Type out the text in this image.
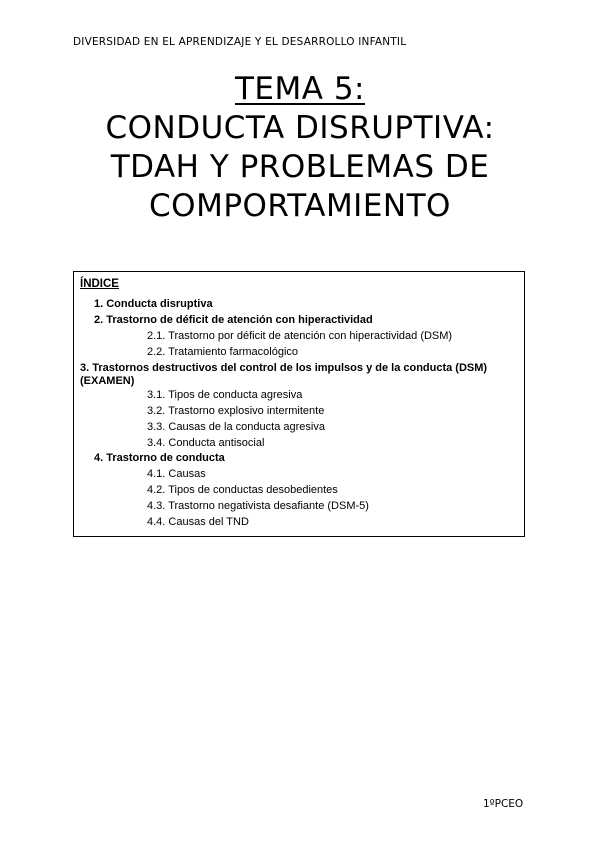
DIVERSIDAD EN EL APRENDIZAJE Y EL DESARROLLO INFANTIL
TEMA 5:
CONDUCTA DISRUPTIVA:
TDAH Y PROBLEMAS DE
COMPORTAMIENTO
ÍNDICE
1. Conducta disruptiva
2. Trastorno de déficit de atención con hiperactividad
2.1. Trastorno por déficit de atención con hiperactividad (DSM)
2.2. Tratamiento farmacológico
3. Trastornos destructivos del control de los impulsos y de la conducta (DSM) (EXAMEN)
3.1. Tipos de conducta agresiva
3.2. Trastorno explosivo intermitente
3.3. Causas de la conducta agresiva
3.4. Conducta antisocial
4. Trastorno de conducta
4.1. Causas
4.2. Tipos de conductas desobedientes
4.3. Trastorno negativista desafiante (DSM-5)
4.4. Causas del TND
1ºPCEO
